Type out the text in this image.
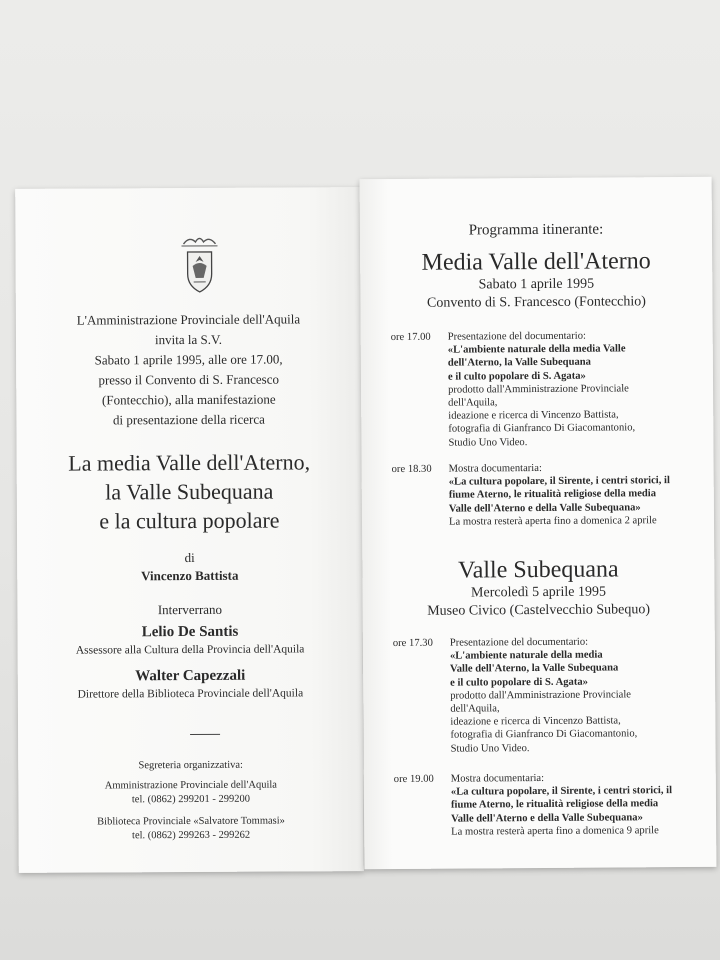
L'Amministrazione Provinciale dell'Aquila
invita la S.V.
Sabato 1 aprile 1995, alle ore 17.00,
presso il Convento di S. Francesco
(Fontecchio), alla manifestazione
di presentazione della ricerca
La media Valle dell'Aterno,
la Valle Subequana
e la cultura popolare
di
Vincenzo Battista
Interverrano
Lelio De Santis
Assessore alla Cultura della Provincia dell'Aquila
Walter Capezzali
Direttore della Biblioteca Provinciale dell'Aquila
Segreteria organizzativa:
Amministrazione Provinciale dell'Aquila
tel. (0862) 299201 - 299200
Biblioteca Provinciale «Salvatore Tommasi»
tel. (0862) 299263 - 299262
Programma itinerante:
Media Valle dell'Aterno
Sabato 1 aprile 1995
Convento di S. Francesco (Fontecchio)
ore 17.00	Presentazione del documentario:
«L'ambiente naturale della media Valle
dell'Aterno, la Valle Subequana
e il culto popolare di S. Agata»
prodotto dall'Amministrazione Provinciale
dell'Aquila,
ideazione e ricerca di Vincenzo Battista,
fotografia di Gianfranco Di Giacomantonio,
Studio Uno Video.
ore 18.30	Mostra documentaria:
«La cultura popolare, il Sirente, i centri storici, il
fiume Aterno, le ritualità religiose della media
Valle dell'Aterno e della Valle Subequana»
La mostra resterà aperta fino a domenica 2 aprile
Valle Subequana
Mercoledì 5 aprile 1995
Museo Civico (Castelvecchio Subequo)
ore 17.30	Presentazione del documentario:
«L'ambiente naturale della media
Valle dell'Aterno, la Valle Subequana
e il culto popolare di S. Agata»
prodotto dall'Amministrazione Provinciale
dell'Aquila,
ideazione e ricerca di Vincenzo Battista,
fotografia di Gianfranco Di Giacomantonio,
Studio Uno Video.
ore 19.00	Mostra documentaria:
«La cultura popolare, il Sirente, i centri storici, il
fiume Aterno, le ritualità religiose della media
Valle dell'Aterno e della Valle Subequana»
La mostra resterà aperta fino a domenica 9 aprile
